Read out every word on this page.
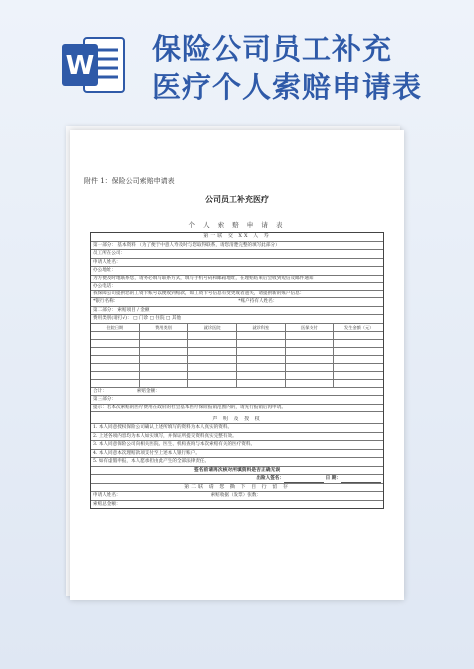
W 保险公司员工补充
医疗个人索赔申请表
附件 1：保险公司索赔申请表
公司员工补充医疗
个 人 索 赔 申 请 表
第一联 交 XX 人 寿
第一部分： 基本资料 （为了便于中意人寿及时与您取得联系，请您清楚完整的填写此部分）
员工所在公司：
申请人姓名：
办公地址：
为方便及时地联系您，请务必填写联系方式，填写手机号码和邮箱地址，在理赔结束后会收到短信及邮件通知
办公电话：
我保障公司提供您的工资卡账号以便收到赔款，如工资卡号信息有变更或者遗失，请提供新的账户信息：
*银行名称：	*账户持有人姓名：
第二部分： 索赔项目 / 金额
费用类别(请打√)： □ 门诊 □ 住院 □ 其他
住院日期	费用类别	就诊医院	就诊科室	医保支付	发生金额（元）
合计：	索赔金额：
第三部分：
提示：若本次索赔的医疗费用在政府的社会基本医疗保险报销范围内的，请先行报销后再申请。
声 明 及 授 权
1. 本人同意授权保险公司确认上述所填写的资料为本人真实的资料。
2. 上述各项内容均为本人如实填写，并保证所提交资料真实完整有效。
3. 本人同意保险公司向相关医院、医生、机构查询与本次索赔有关的医疗资料。
4. 本人同意本次理赔款项支付至上述本人银行账户。
5. 如有虚假申报，本人愿承担由此产生的全部法律责任。
签名前请再次核对所填资料是否正确无误
出险人签名：	日 期：
第二联 请 您 撕 下 自 行 留 存
申请人姓名：	索赔收据（发票）张数：
索赔总金额：
